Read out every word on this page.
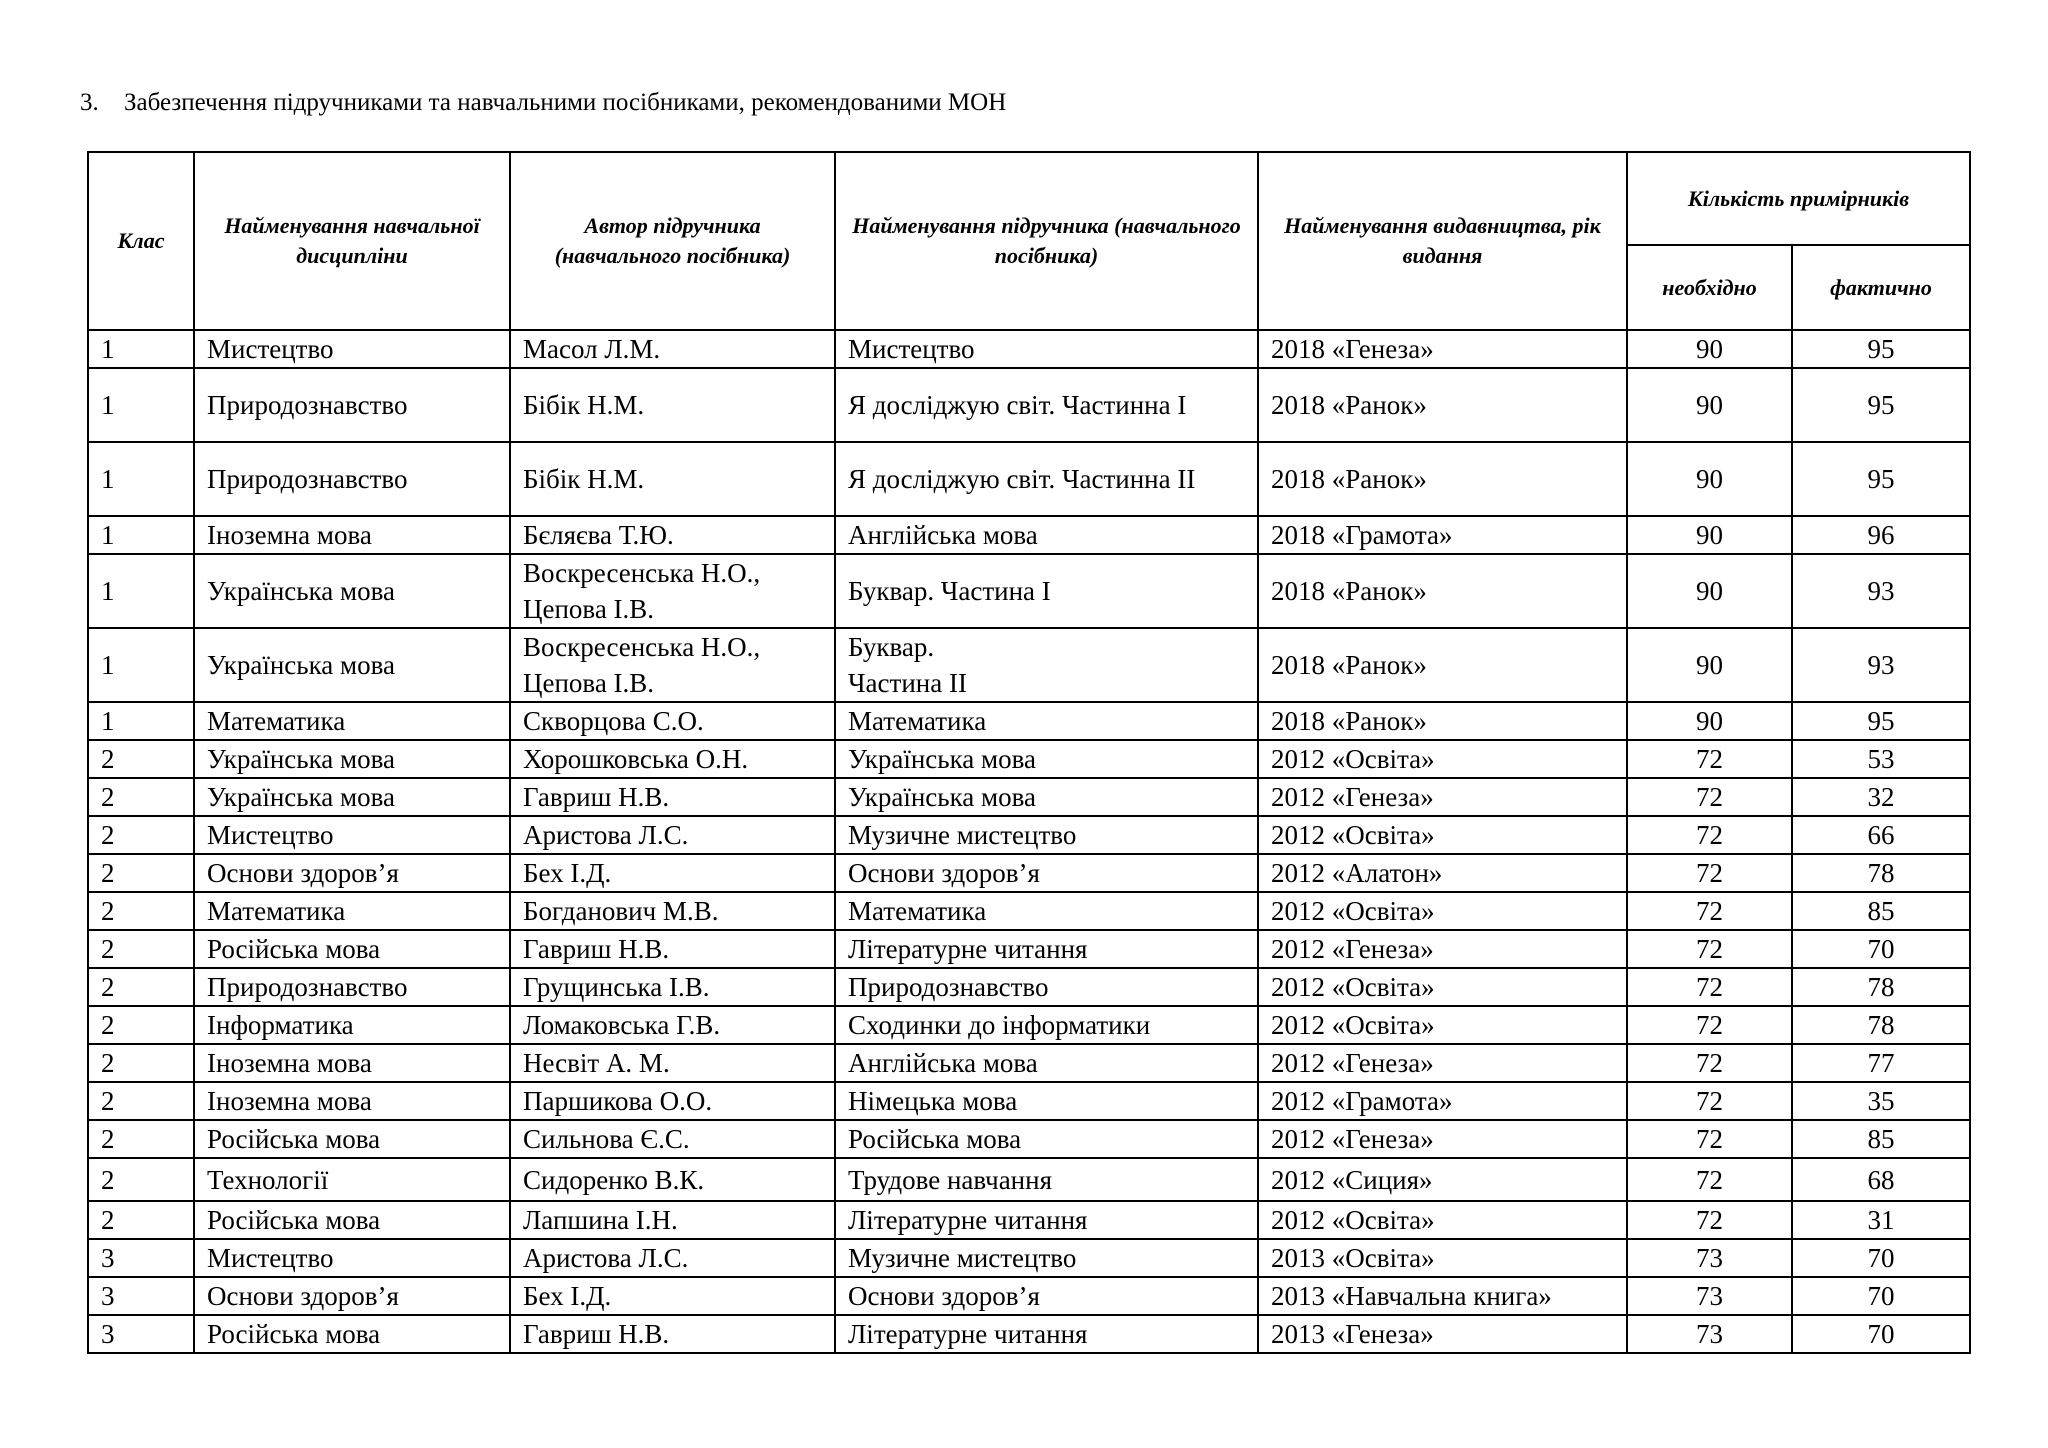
3. Забезпечення підручниками та навчальними посібниками, рекомендованими МОН
Клас	Найменування навчальної дисципліни	Автор підручника (навчального посібника)	Найменування підручника (навчального посібника)	Найменування видавництва, рік видання	Кількість примірників	
					необхідно	фактично
1	Мистецтво	Масол Л.М.	Мистецтво	2018 «Генеза»	90	95
1	Природознавство	Бібік Н.М.	Я досліджую світ. Частинна I	2018 «Ранок»	90	95
1	Природознавство	Бібік Н.М.	Я досліджую світ. Частинна II	2018 «Ранок»	90	95
1	Іноземна мова	Бєляєва Т.Ю.	Англійська мова	2018 «Грамота»	90	96
1	Українська мова	Воскресенська Н.О.,
Цепова І.В.	Буквар. Частина I	2018 «Ранок»	90	93
1	Українська мова	Воскресенська Н.О.,
Цепова І.В.	Буквар.
Частина II	2018 «Ранок»	90	93
1	Математика	Скворцова С.О.	Математика	2018 «Ранок»	90	95
2	Українська мова	Хорошковська О.Н.	Українська мова	2012 «Освіта»	72	53
2	Українська мова	Гавриш Н.В.	Українська мова	2012 «Генеза»	72	32
2	Мистецтво	Аристова Л.С.	Музичне мистецтво	2012 «Освіта»	72	66
2	Основи здоров’я	Бех І.Д.	Основи здоров’я	2012 «Алатон»	72	78
2	Математика	Богданович М.В.	Математика	2012 «Освіта»	72	85
2	Російська мова	Гавриш Н.В.	Літературне читання	2012 «Генеза»	72	70
2	Природознавство	Грущинська І.В.	Природознавство	2012 «Освіта»	72	78
2	Інформатика	Ломаковська Г.В.	Сходинки до інформатики	2012 «Освіта»	72	78
2	Іноземна мова	Несвіт А. М.	Англійська мова	2012 «Генеза»	72	77
2	Іноземна мова	Паршикова О.О.	Німецька мова	2012 «Грамота»	72	35
2	Російська мова	Сильнова Є.С.	Російська мова	2012 «Генеза»	72	85
2	Технології	Сидоренко В.К.	Трудове навчання	2012 «Сиция»	72	68
2	Російська мова	Лапшина І.Н.	Літературне читання	2012 «Освіта»	72	31
3	Мистецтво	Аристова Л.С.	Музичне мистецтво	2013 «Освіта»	73	70
3	Основи здоров’я	Бех І.Д.	Основи здоров’я	2013 «Навчальна книга»	73	70
3	Російська мова	Гавриш Н.В.	Літературне читання	2013 «Генеза»	73	70
